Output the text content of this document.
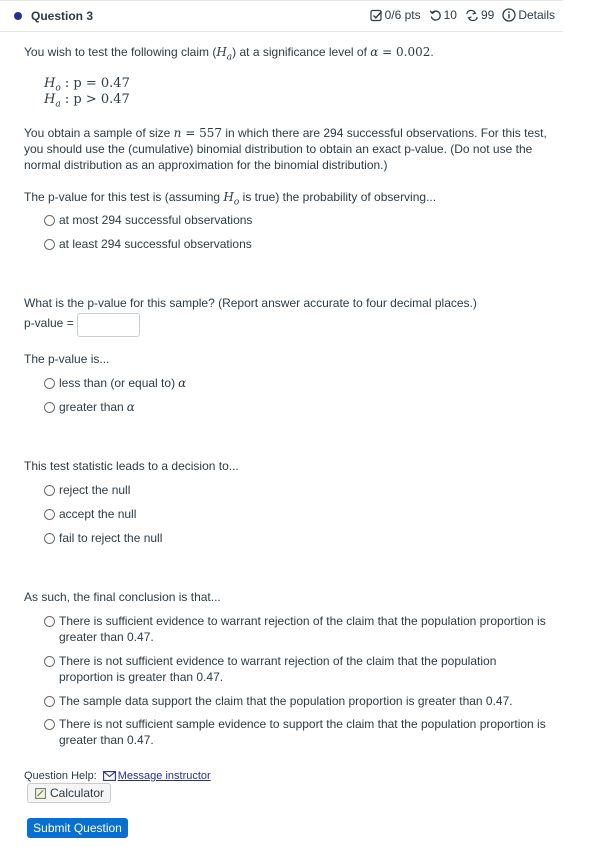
Question 3	0/6 pts 10 99 Details
You wish to test the following claim $(H_a)$ at a significance level of α = 0.002.
$H_o$ : p = 0.47
$H_a$ : p > 0.47
You obtain a sample of size n = 557 in which there are 294 successful observations. For this test,
you should use the (cumulative) binomial distribution to obtain an exact p-value. (Do not use the
normal distribution as an approximation for the binomial distribution.)
The p-value for this test is (assuming $H_o$ is true) the probability of observing...
at most 294 successful observations
at least 294 successful observations
What is the p-value for this sample? (Report answer accurate to four decimal places.)
p-value =
The p-value is...
less than (or equal to) α
greater than α
This test statistic leads to a decision to...
reject the null
accept the null
fail to reject the null
As such, the final conclusion is that...
There is sufficient evidence to warrant rejection of the claim that the population proportion is
greater than 0.47.
There is not sufficient evidence to warrant rejection of the claim that the population
proportion is greater than 0.47.
The sample data support the claim that the population proportion is greater than 0.47.
There is not sufficient sample evidence to support the claim that the population proportion is
greater than 0.47.
Question Help: Message instructor
Calculator
Submit Question
